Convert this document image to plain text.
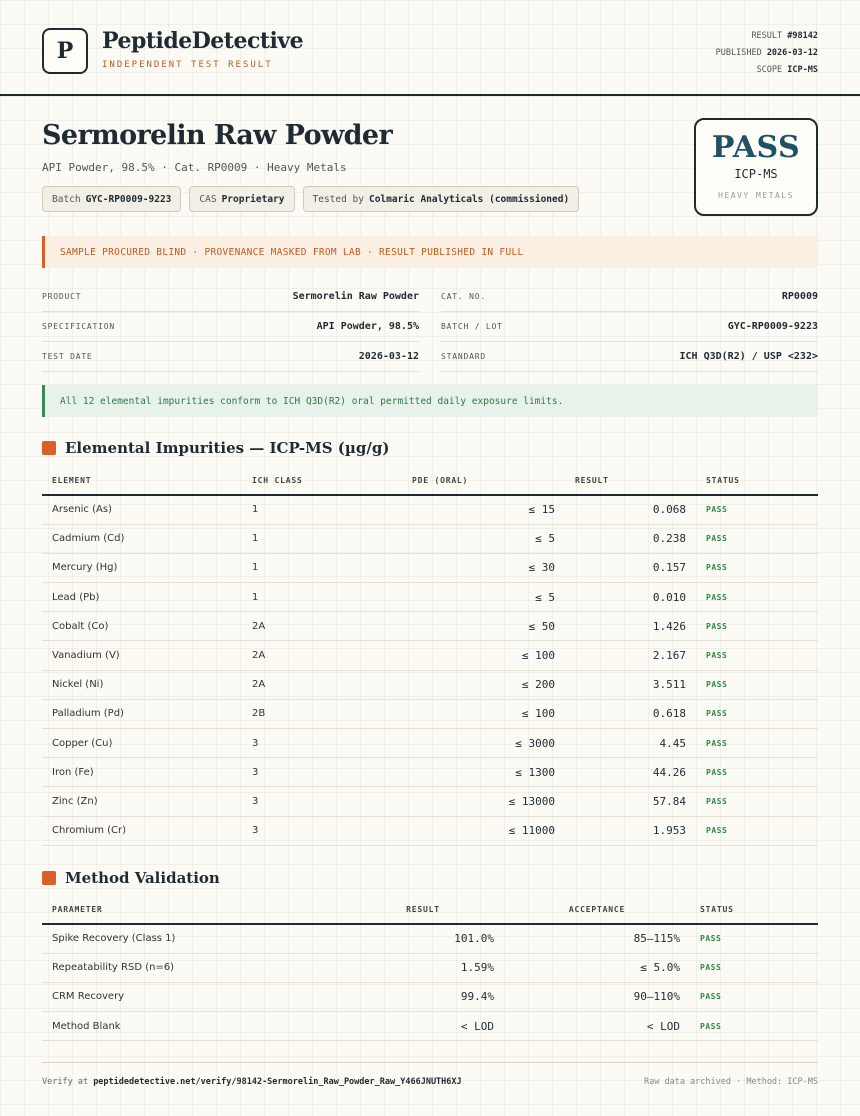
P	PeptideDetective
INDEPENDENT TEST RESULT
RESULT #98142
PUBLISHED 2026-03-12
SCOPE ICP-MS
Sermorelin Raw Powder
API Powder, 98.5% · Cat. RP0009 · Heavy Metals
Batch GYC-RP0009-9223	CAS Proprietary	Tested by Colmaric Analyticals (commissioned)
PASS
ICP-MS
HEAVY METALS
SAMPLE PROCURED BLIND · PROVENANCE MASKED FROM LAB · RESULT PUBLISHED IN FULL
PRODUCT	Sermorelin Raw Powder	CAT. NO.	RP0009
SPECIFICATION	API Powder, 98.5%	BATCH / LOT	GYC-RP0009-9223
TEST DATE	2026-03-12	STANDARD	ICH Q3D(R2) / USP <232>
All 12 elemental impurities conform to ICH Q3D(R2) oral permitted daily exposure limits.
Elemental Impurities — ICP-MS (µg/g)
ELEMENT	ICH CLASS	PDE (ORAL)	RESULT	STATUS
Arsenic (As)	1	≤ 15	0.068	PASS
Cadmium (Cd)	1	≤ 5	0.238	PASS
Mercury (Hg)	1	≤ 30	0.157	PASS
Lead (Pb)	1	≤ 5	0.010	PASS
Cobalt (Co)	2A	≤ 50	1.426	PASS
Vanadium (V)	2A	≤ 100	2.167	PASS
Nickel (Ni)	2A	≤ 200	3.511	PASS
Palladium (Pd)	2B	≤ 100	0.618	PASS
Copper (Cu)	3	≤ 3000	4.45	PASS
Iron (Fe)	3	≤ 1300	44.26	PASS
Zinc (Zn)	3	≤ 13000	57.84	PASS
Chromium (Cr)	3	≤ 11000	1.953	PASS
Method Validation
PARAMETER	RESULT	ACCEPTANCE	STATUS
Spike Recovery (Class 1)	101.0%	85–115%	PASS
Repeatability RSD (n=6)	1.59%	≤ 5.0%	PASS
CRM Recovery	99.4%	90–110%	PASS
Method Blank	< LOD	< LOD	PASS
Verify at peptidedetective.net/verify/98142-Sermorelin_Raw_Powder_Raw_Y466JNUTH6XJ	Raw data archived · Method: ICP-MS
